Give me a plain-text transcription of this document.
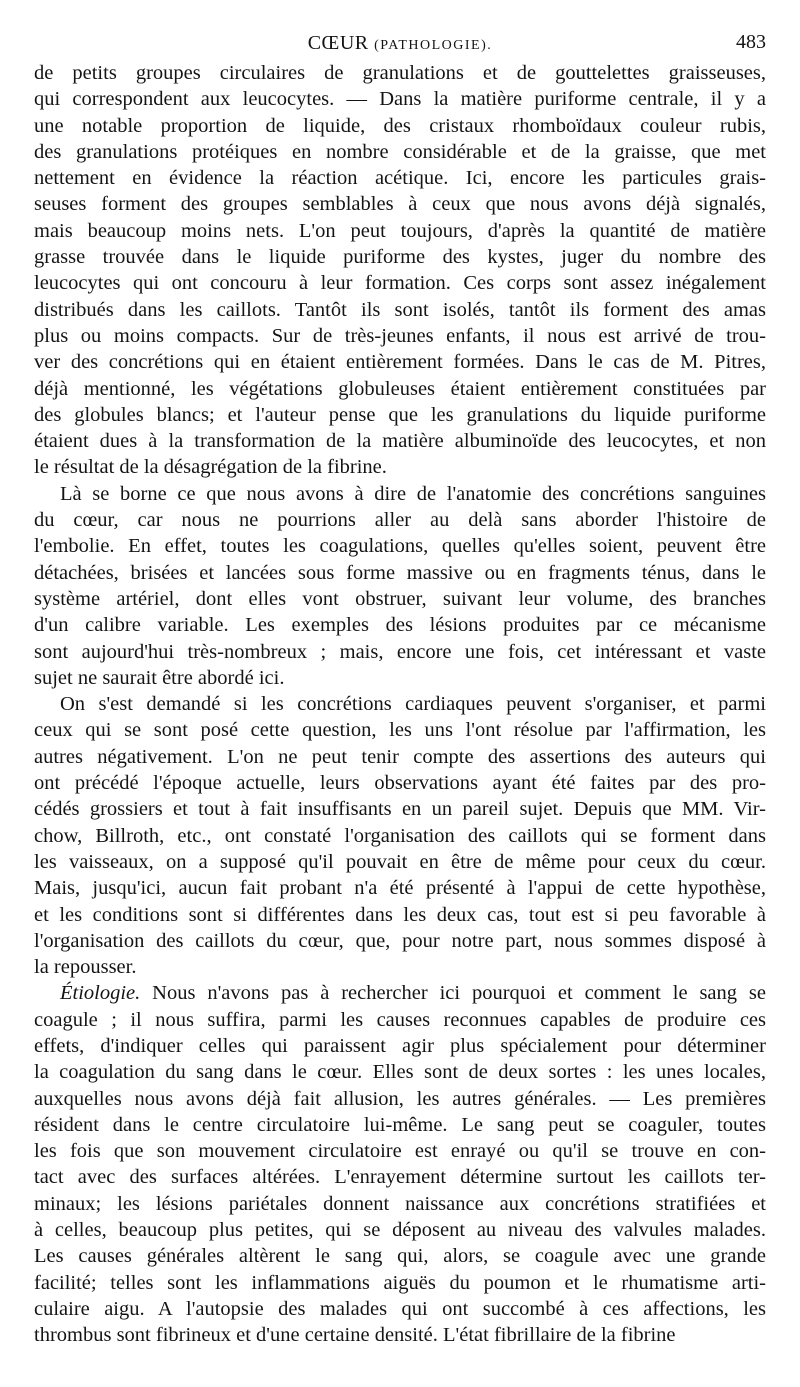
CŒUR (PATHOLOGIE).	483
de petits groupes circulaires de granulations et de gouttelettes graisseuses,
qui correspondent aux leucocytes. — Dans la matière puriforme centrale, il y a
une notable proportion de liquide, des cristaux rhomboïdaux couleur rubis,
des granulations protéiques en nombre considérable et de la graisse, que met
nettement en évidence la réaction acétique. Ici, encore les particules grais-
seuses forment des groupes semblables à ceux que nous avons déjà signalés,
mais beaucoup moins nets. L'on peut toujours, d'après la quantité de matière
grasse trouvée dans le liquide puriforme des kystes, juger du nombre des
leucocytes qui ont concouru à leur formation. Ces corps sont assez inégalement
distribués dans les caillots. Tantôt ils sont isolés, tantôt ils forment des amas
plus ou moins compacts. Sur de très-jeunes enfants, il nous est arrivé de trou-
ver des concrétions qui en étaient entièrement formées. Dans le cas de M. Pitres,
déjà mentionné, les végétations globuleuses étaient entièrement constituées par
des globules blancs; et l'auteur pense que les granulations du liquide puriforme
étaient dues à la transformation de la matière albuminoïde des leucocytes, et non
le résultat de la désagrégation de la fibrine.
Là se borne ce que nous avons à dire de l'anatomie des concrétions sanguines
du cœur, car nous ne pourrions aller au delà sans aborder l'histoire de
l'embolie. En effet, toutes les coagulations, quelles qu'elles soient, peuvent être
détachées, brisées et lancées sous forme massive ou en fragments ténus, dans le
système artériel, dont elles vont obstruer, suivant leur volume, des branches
d'un calibre variable. Les exemples des lésions produites par ce mécanisme
sont aujourd'hui très-nombreux ; mais, encore une fois, cet intéressant et vaste
sujet ne saurait être abordé ici.
On s'est demandé si les concrétions cardiaques peuvent s'organiser, et parmi
ceux qui se sont posé cette question, les uns l'ont résolue par l'affirmation, les
autres négativement. L'on ne peut tenir compte des assertions des auteurs qui
ont précédé l'époque actuelle, leurs observations ayant été faites par des pro-
cédés grossiers et tout à fait insuffisants en un pareil sujet. Depuis que MM. Vir-
chow, Billroth, etc., ont constaté l'organisation des caillots qui se forment dans
les vaisseaux, on a supposé qu'il pouvait en être de même pour ceux du cœur.
Mais, jusqu'ici, aucun fait probant n'a été présenté à l'appui de cette hypothèse,
et les conditions sont si différentes dans les deux cas, tout est si peu favorable à
l'organisation des caillots du cœur, que, pour notre part, nous sommes disposé à
la repousser.
Étiologie. Nous n'avons pas à rechercher ici pourquoi et comment le sang se
coagule ; il nous suffira, parmi les causes reconnues capables de produire ces
effets, d'indiquer celles qui paraissent agir plus spécialement pour déterminer
la coagulation du sang dans le cœur. Elles sont de deux sortes : les unes locales,
auxquelles nous avons déjà fait allusion, les autres générales. — Les premières
résident dans le centre circulatoire lui-même. Le sang peut se coaguler, toutes
les fois que son mouvement circulatoire est enrayé ou qu'il se trouve en con-
tact avec des surfaces altérées. L'enrayement détermine surtout les caillots ter-
minaux; les lésions pariétales donnent naissance aux concrétions stratifiées et
à celles, beaucoup plus petites, qui se déposent au niveau des valvules malades.
Les causes générales altèrent le sang qui, alors, se coagule avec une grande
facilité; telles sont les inflammations aiguës du poumon et le rhumatisme arti-
culaire aigu. A l'autopsie des malades qui ont succombé à ces affections, les
thrombus sont fibrineux et d'une certaine densité. L'état fibrillaire de la fibrine
